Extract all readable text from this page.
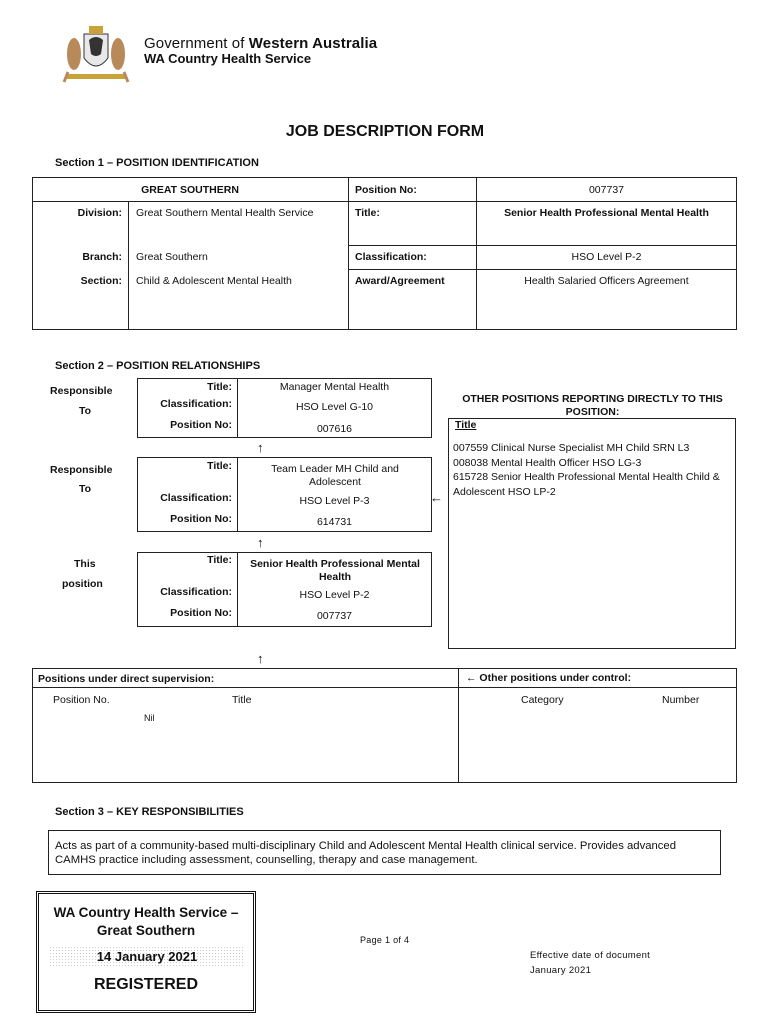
Government of Western Australia
WA Country Health Service
JOB DESCRIPTION FORM
Section 1 – POSITION IDENTIFICATION
GREAT SOUTHERN
Division: Great Southern Mental Health Service
Branch: Great Southern
Section: Child & Adolescent Mental Health
Position No:	007737
Title:	Senior Health Professional Mental Health
Classification:	HSO Level P-2
Award/Agreement	Health Salaried Officers Agreement
Section 2 – POSITION RELATIONSHIPS
Responsible
To
Responsible
To
This
position
Title:	Manager Mental Health
Classification:	HSO Level G-10
Position No:	007616
↑
Title:	Team Leader MH Child and Adolescent
Classification:	HSO Level P-3
Position No:	614731
←
↑
Title: Senior Health Professional Mental Health
Classification:	HSO Level P-2
Position No:	007737
OTHER POSITIONS REPORTING DIRECTLY TO THIS POSITION:
Title
007559 Clinical Nurse Specialist MH Child SRN L3
008038 Mental Health Officer HSO LG-3
615728 Senior Health Professional Mental Health Child & Adolescent HSO LP-2
↑
Positions under direct supervision:	← Other positions under control:
Position No.	Title
Nil
Category	Number
Section 3 – KEY RESPONSIBILITIES
Acts as part of a community-based multi-disciplinary Child and Adolescent Mental Health clinical service. Provides advanced CAMHS practice including assessment, counselling, therapy and case management.
WA Country Health Service –
Great Southern
14 January 2021
REGISTERED
Page 1 of 4
Effective date of document
January 2021
